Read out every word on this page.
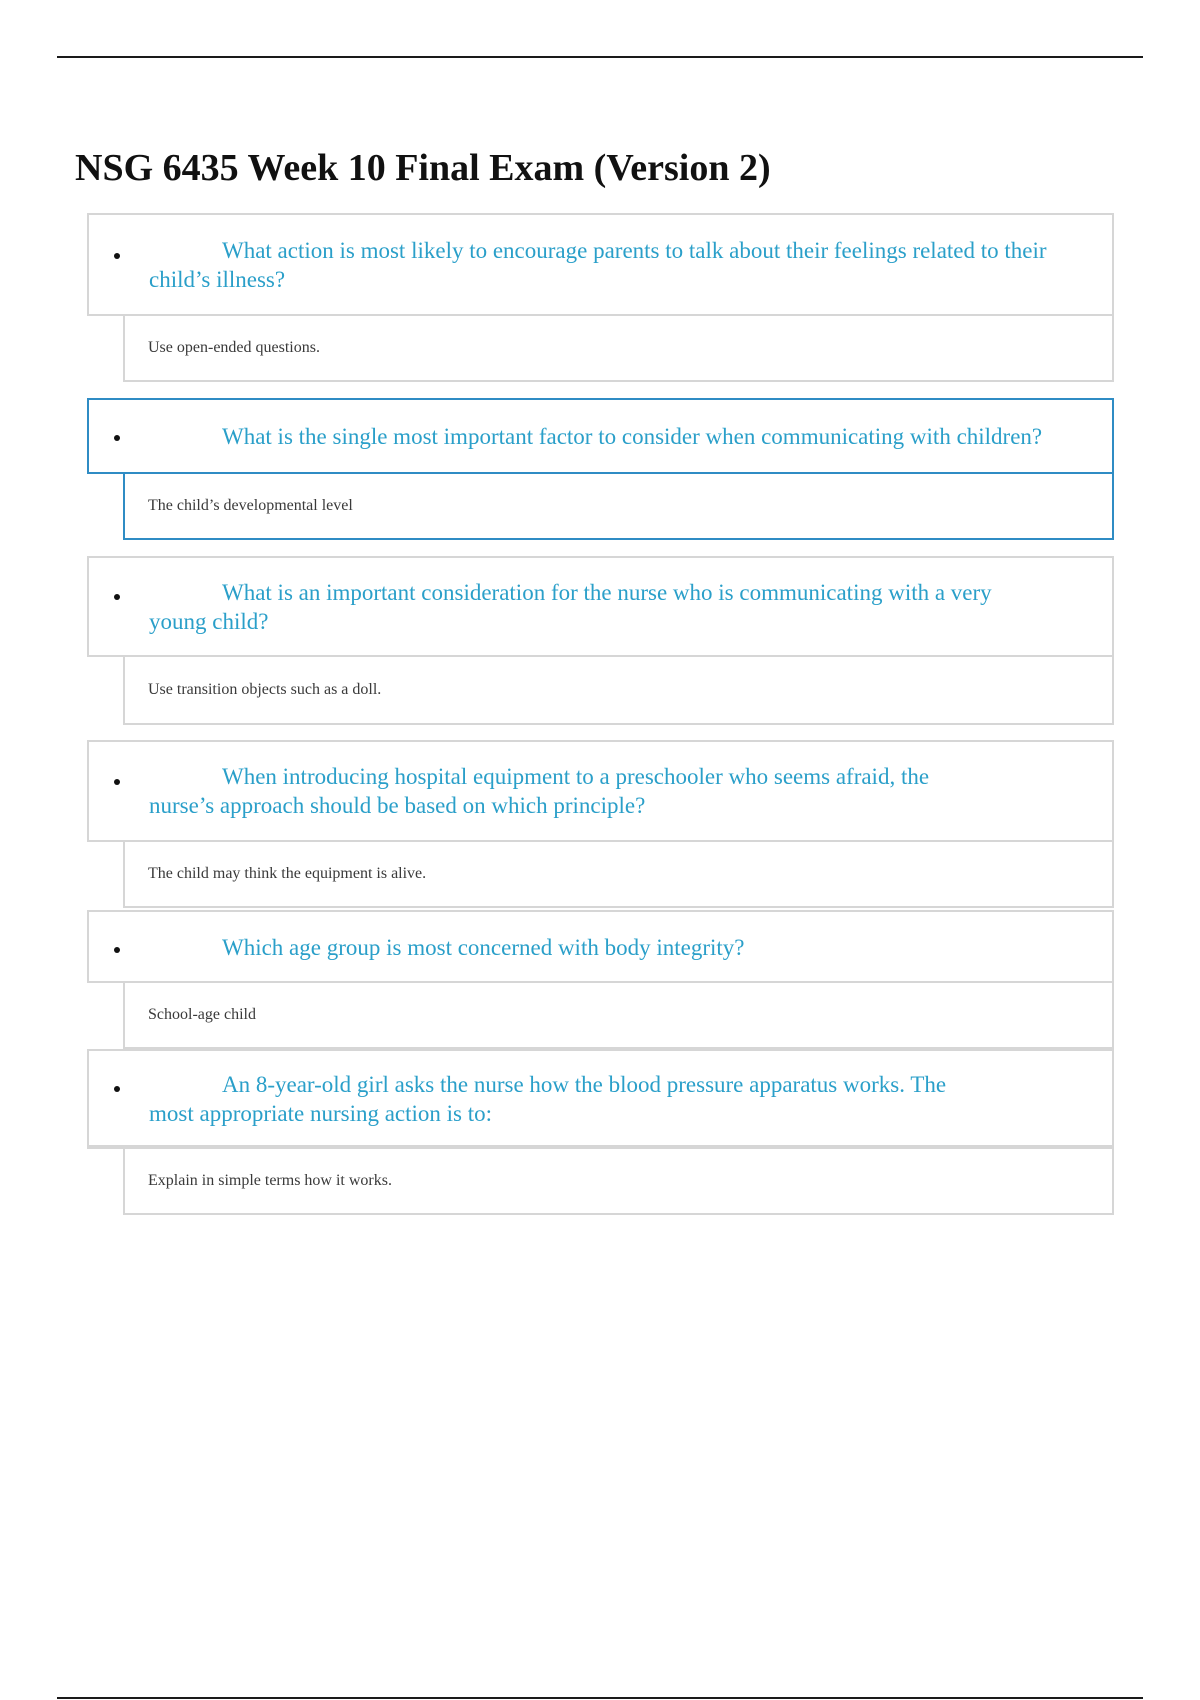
NSG 6435 Week 10 Final Exam (Version 2)
What action is most likely to encourage parents to talk about their feelings related to their child’s illness?
Use open-ended questions.
What is the single most important factor to consider when communicating with children?
The child’s developmental level
What is an important consideration for the nurse who is communicating with a very young child?
Use transition objects such as a doll.
When introducing hospital equipment to a preschooler who seems afraid, the nurse’s approach should be based on which principle?
The child may think the equipment is alive.
Which age group is most concerned with body integrity?
School-age child
An 8-year-old girl asks the nurse how the blood pressure apparatus works. The most appropriate nursing action is to:
Explain in simple terms how it works.
